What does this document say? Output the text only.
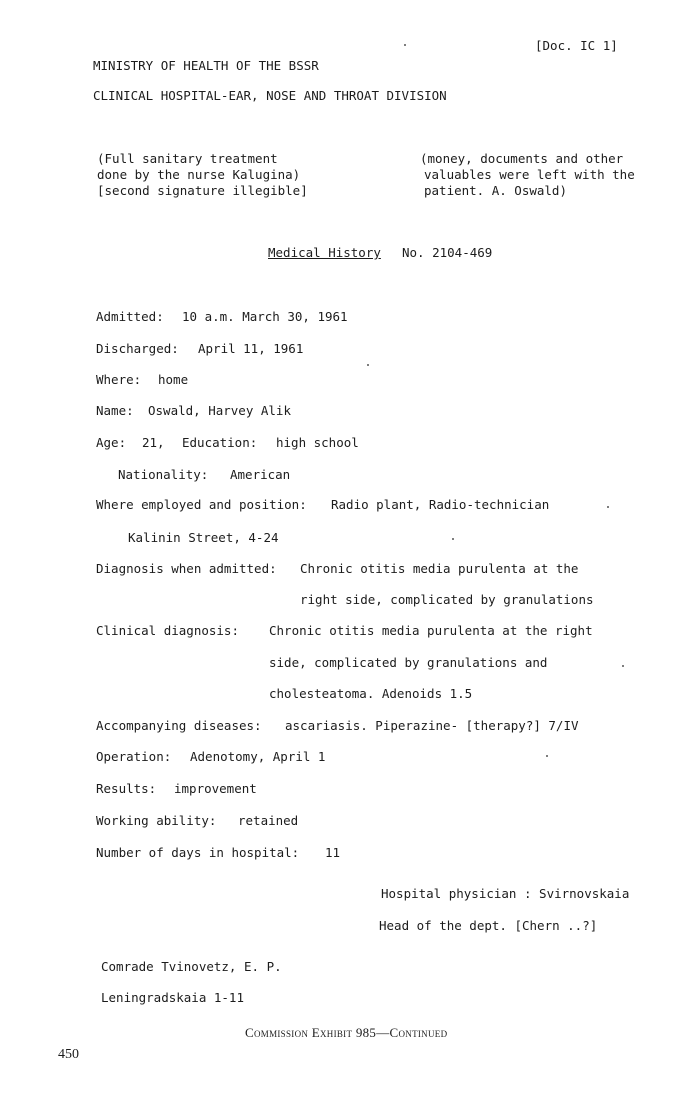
[Doc. IC 1]
MINISTRY OF HEALTH OF THE BSSR
CLINICAL HOSPITAL-EAR, NOSE AND THROAT DIVISION
(Full sanitary treatment
done by the nurse Kalugina)
[second signature illegible]
(money, documents and other
valuables were left with the
patient. A. Oswald)
Medical History No. 2104-469
Admitted: 10 a.m. March 30, 1961
Discharged: April 11, 1961
Where: home
Name: Oswald, Harvey Alik
Age: 21, Education: high school
Nationality: American
Where employed and position: Radio plant, Radio-technician
Kalinin Street, 4-24
Diagnosis when admitted: Chronic otitis media purulenta at the
right side, complicated by granulations
Clinical diagnosis: Chronic otitis media purulenta at the right
side, complicated by granulations and
cholesteatoma. Adenoids 1.5
Accompanying diseases: ascariasis. Piperazine- [therapy?] 7/IV
Operation: Adenotomy, April 1
Results: improvement
Working ability: retained
Number of days in hospital: 11
Hospital physician : Svirnovskaia
Head of the dept. [Chern ..?]
Comrade Tvinovetz, E. P.
Leningradskaia 1-11
Commission Exhibit 985—Continued
450
